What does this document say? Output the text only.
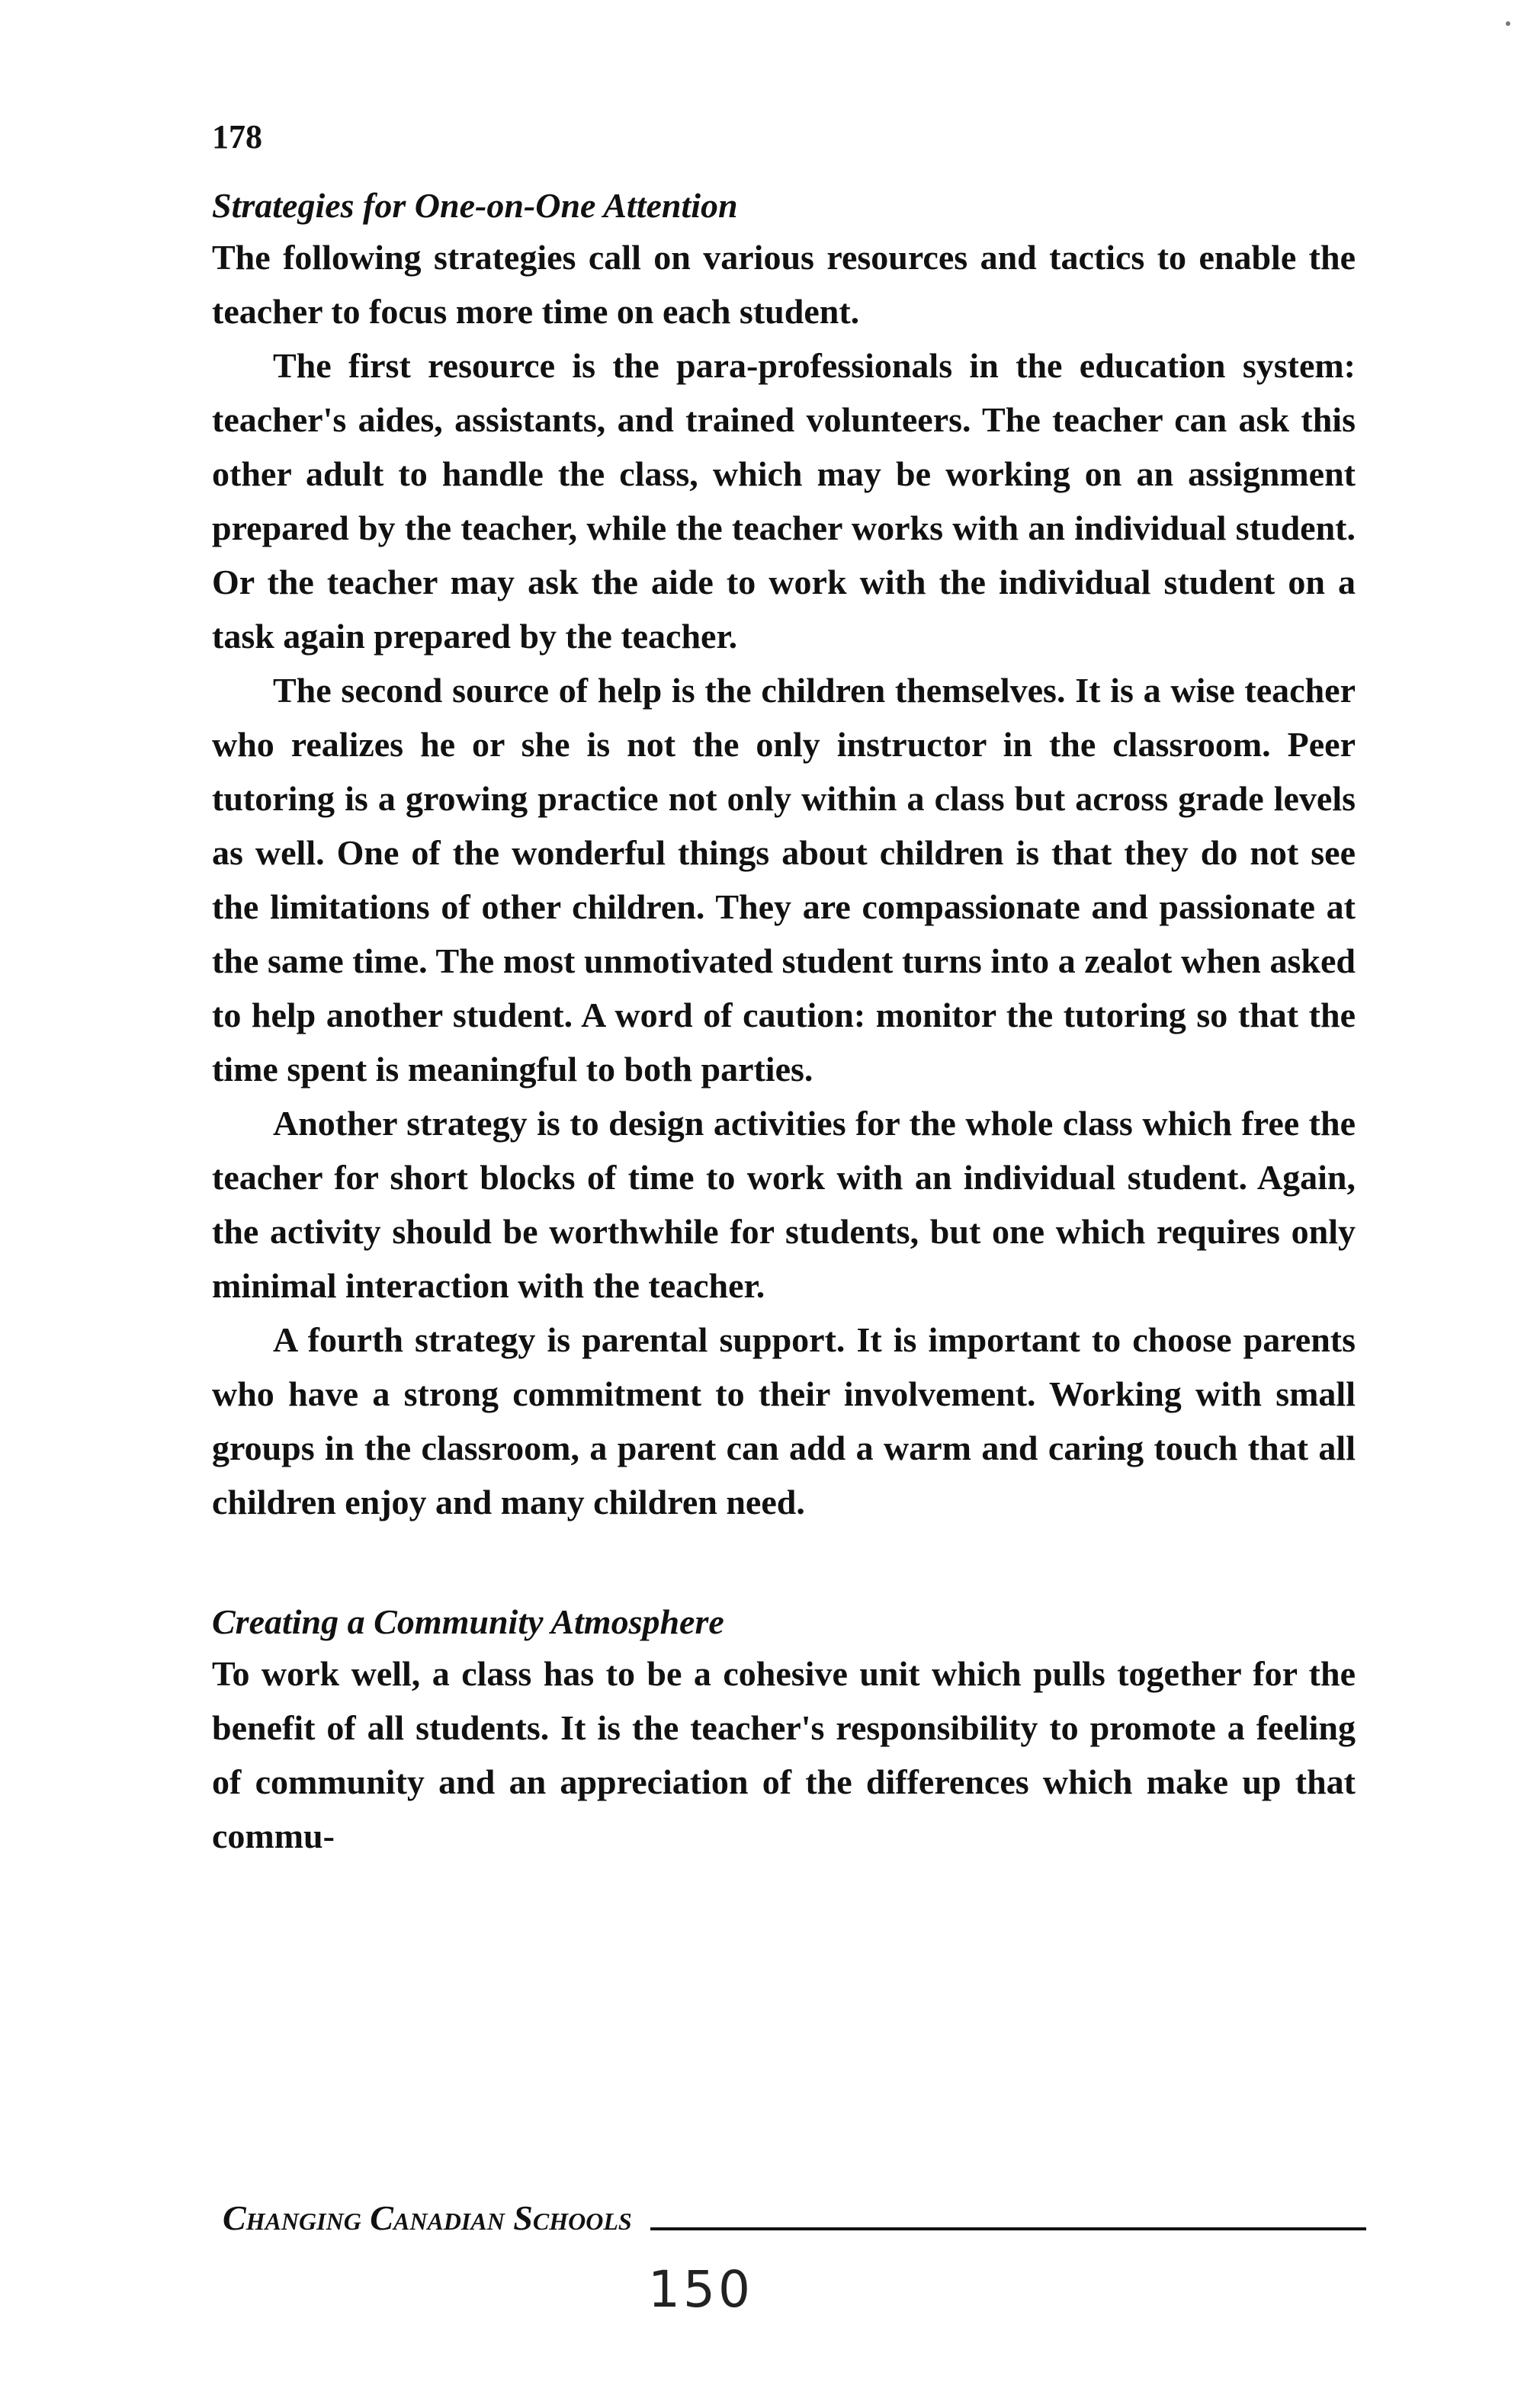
178
Strategies for One-on-One Attention

The following strategies call on various resources and tactics to enable the teacher to focus more time on each student.

The first resource is the para-professionals in the education system: teacher's aides, assistants, and trained volunteers. The teacher can ask this other adult to handle the class, which may be working on an assignment prepared by the teacher, while the teacher works with an individual student. Or the teacher may ask the aide to work with the individual student on a task again prepared by the teacher.

The second source of help is the children themselves. It is a wise teacher who realizes he or she is not the only instructor in the classroom. Peer tutoring is a growing practice not only within a class but across grade levels as well. One of the wonderful things about children is that they do not see the limitations of other children. They are compassionate and passionate at the same time. The most unmotivated student turns into a zealot when asked to help another student. A word of caution: monitor the tutoring so that the time spent is meaningful to both parties.

Another strategy is to design activities for the whole class which free the teacher for short blocks of time to work with an individual student. Again, the activity should be worthwhile for students, but one which requires only minimal interaction with the teacher.

A fourth strategy is parental support. It is important to choose parents who have a strong commitment to their involvement. Working with small groups in the classroom, a parent can add a warm and caring touch that all children enjoy and many children need.

Creating a Community Atmosphere

To work well, a class has to be a cohesive unit which pulls together for the benefit of all students. It is the teacher's responsibility to promote a feeling of community and an appreciation of the differences which make up that commu-

Changing Canadian Schools
150
